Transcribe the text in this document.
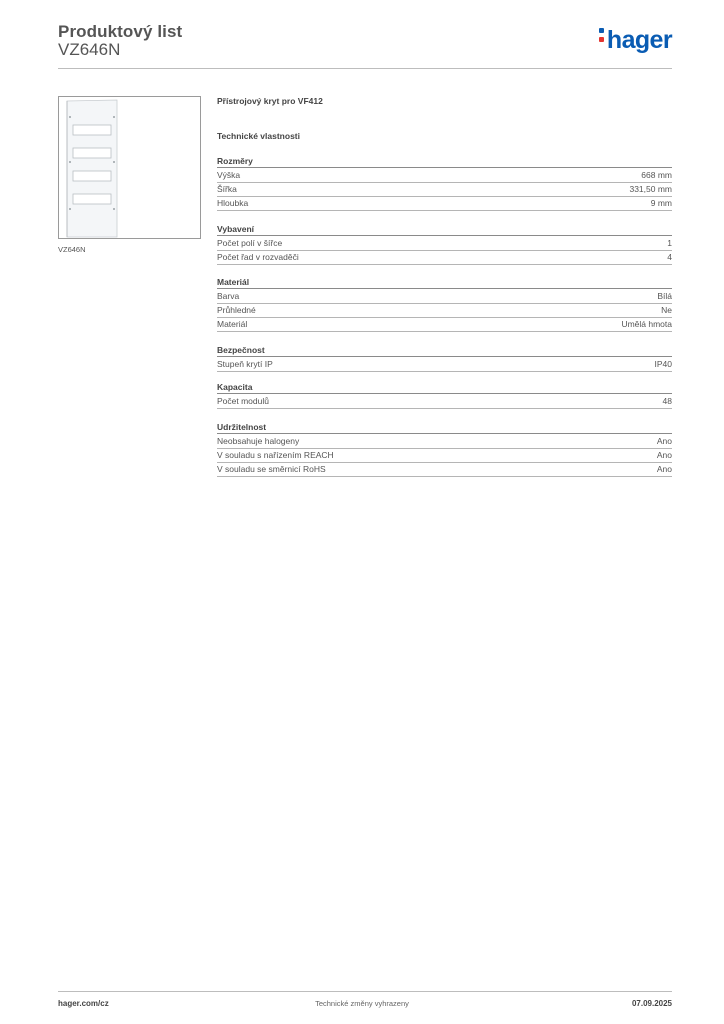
Produktový list
VZ646N	hager
VZ646N
Přístrojový kryt pro VF412
Technické vlastnosti
Rozměry
Výška	668 mm
Šířka	331,50 mm
Hloubka	9 mm
Vybavení
Počet polí v šířce	1
Počet řad v rozvaděči	4
Materiál
Barva	Bílá
Průhledné	Ne
Materiál	Umělá hmota
Bezpečnost
Stupeň krytí IP	IP40
Kapacita
Počet modulů	48
Udržitelnost
Neobsahuje halogeny	Ano
V souladu s nařízením REACH	Ano
V souladu se směrnicí RoHS	Ano
hager.com/cz	Technické změny vyhrazeny	07.09.2025
